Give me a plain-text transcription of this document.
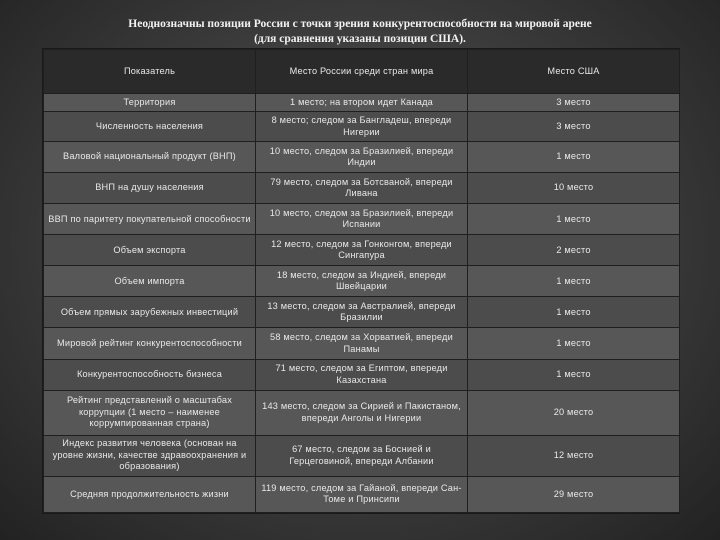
Неоднозначны позиции России с точки зрения конкурентоспособности на мировой арене
(для сравнения указаны позиции США).
Показатель	Место России среди стран мира	Место США
Территория	1 место; на втором идет Канада	3 место
Численность населения	8 место; следом за Бангладеш, впереди Нигерии	3 место
Валовой национальный продукт (ВНП)	10 место, следом за Бразилией, впереди Индии	1 место
ВНП на душу населения	79 место, следом за Ботсваной, впереди Ливана	10 место
ВВП по паритету покупательной способности	10 место, следом за Бразилией, впереди Испании	1 место
Объем экспорта	12 место, следом за Гонконгом, впереди Сингапура	2 место
Объем импорта	18 место, следом за Индией, впереди Швейцарии	1 место
Объем прямых зарубежных инвестиций	13 место, следом за Австралией, впереди Бразилии	1 место
Мировой рейтинг конкурентоспособности	58 место, следом за Хорватией, впереди Панамы	1 место
Конкурентоспособность бизнеса	71 место, следом за Египтом, впереди Казахстана	1 место
Рейтинг представлений о масштабах коррупции (1 место – наименее коррумпированная страна)	143 место, следом за Сирией и Пакистаном, впереди Анголы и Нигерии	20 место
Индекс развития человека (основан на уровне жизни, качестве здравоохранения и образования)	67 место, следом за Боснией и Герцеговиной, впереди Албании	12 место
Средняя продолжительность жизни	119 место, следом за Гайаной, впереди Сан-Томе и Принсипи	29 место
